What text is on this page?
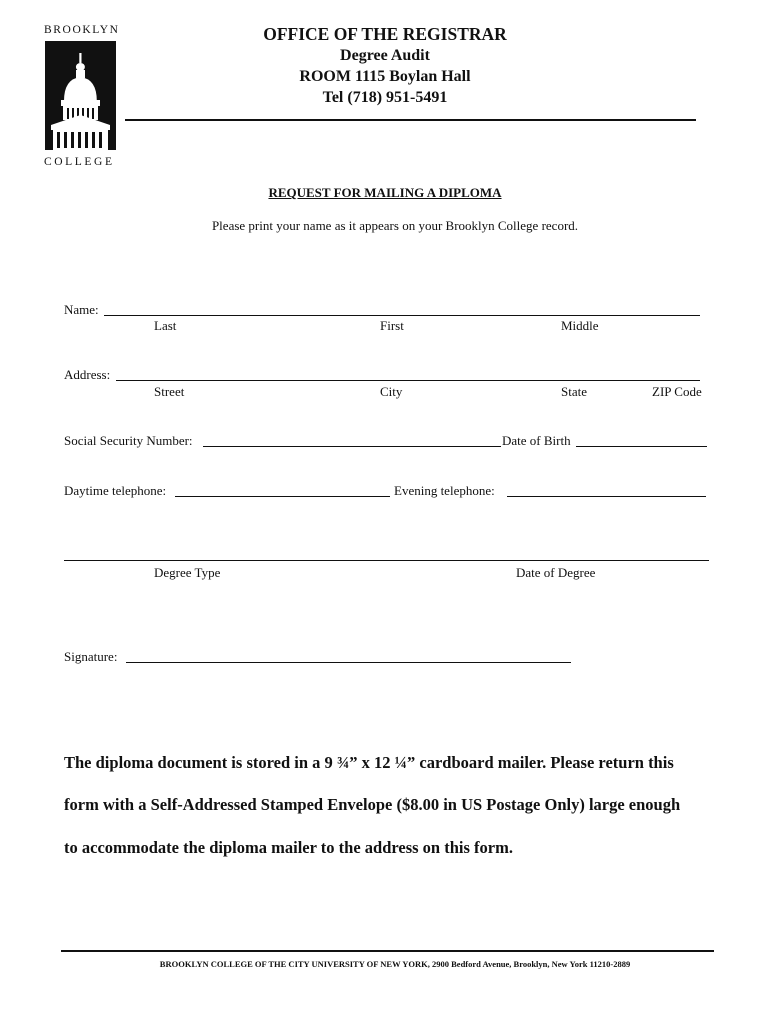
BROOKLYN
COLLEGE
OFFICE OF THE REGISTRAR
Degree Audit
ROOM 1115 Boylan Hall
Tel (718) 951-5491
REQUEST FOR MAILING A DIPLOMA
Please print your name as it appears on your Brooklyn College record.
Name:
Last	First	Middle
Address:
Street	City	State	ZIP Code
Social Security Number:	Date of Birth
Daytime telephone:	Evening telephone:
Degree Type	Date of Degree
Signature:
The diploma document is stored in a 9 ¾” x 12 ¼” cardboard mailer. Please return this
form with a Self-Addressed Stamped Envelope ($8.00 in US Postage Only) large enough
to accommodate the diploma mailer to the address on this form.
BROOKLYN COLLEGE OF THE CITY UNIVERSITY OF NEW YORK, 2900 Bedford Avenue, Brooklyn, New York 11210-2889
